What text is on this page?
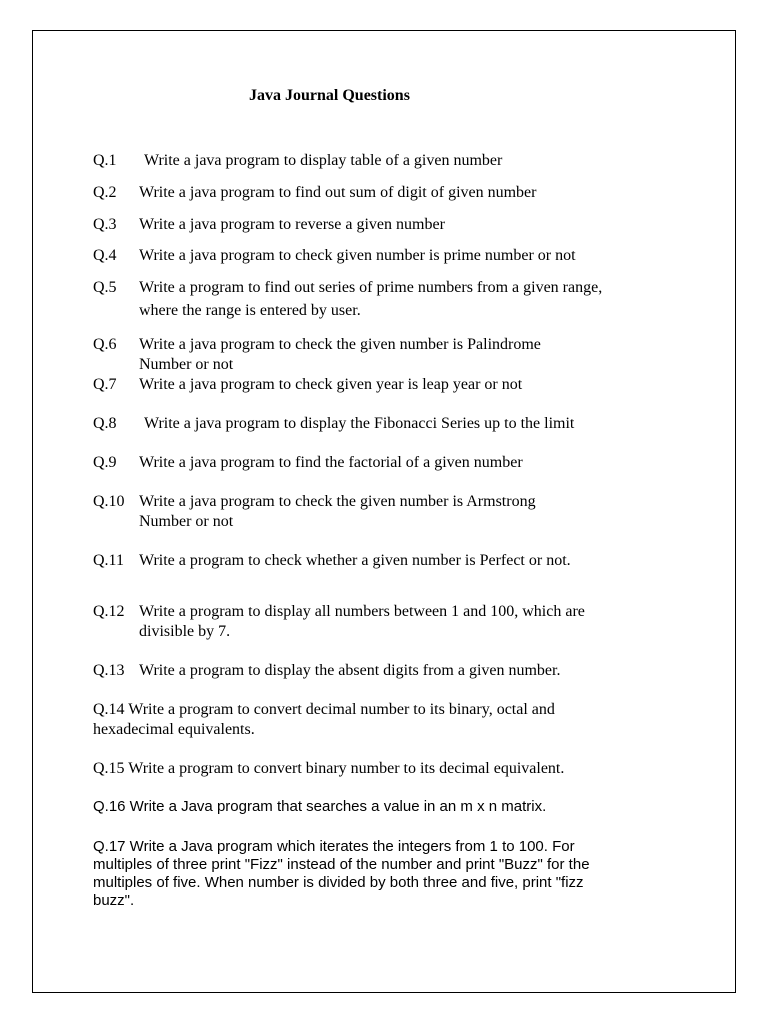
Java Journal Questions
Q.1 Write a java program to display table of a given number
Q.2 Write a java program to find out sum of digit of given number
Q.3 Write a java program to reverse a given number
Q.4 Write a java program to check given number is prime number or not
Q.5 Write a program to find out series of prime numbers from a given range,
where the range is entered by user.
Q.6 Write a java program to check the given number is Palindrome
Number or not
Q.7 Write a java program to check given year is leap year or not
Q.8 Write a java program to display the Fibonacci Series up to the limit
Q.9 Write a java program to find the factorial of a given number
Q.10 Write a java program to check the given number is Armstrong
Number or not
Q.11 Write a program to check whether a given number is Perfect or not.
Q.12 Write a program to display all numbers between 1 and 100, which are
divisible by 7.
Q.13 Write a program to display the absent digits from a given number.
Q.14 Write a program to convert decimal number to its binary, octal and
hexadecimal equivalents.
Q.15 Write a program to convert binary number to its decimal equivalent.
Q.16 Write a Java program that searches a value in an m x n matrix.
Q.17 Write a Java program which iterates the integers from 1 to 100. For
multiples of three print "Fizz" instead of the number and print "Buzz" for the
multiples of five. When number is divided by both three and five, print "fizz
buzz".
